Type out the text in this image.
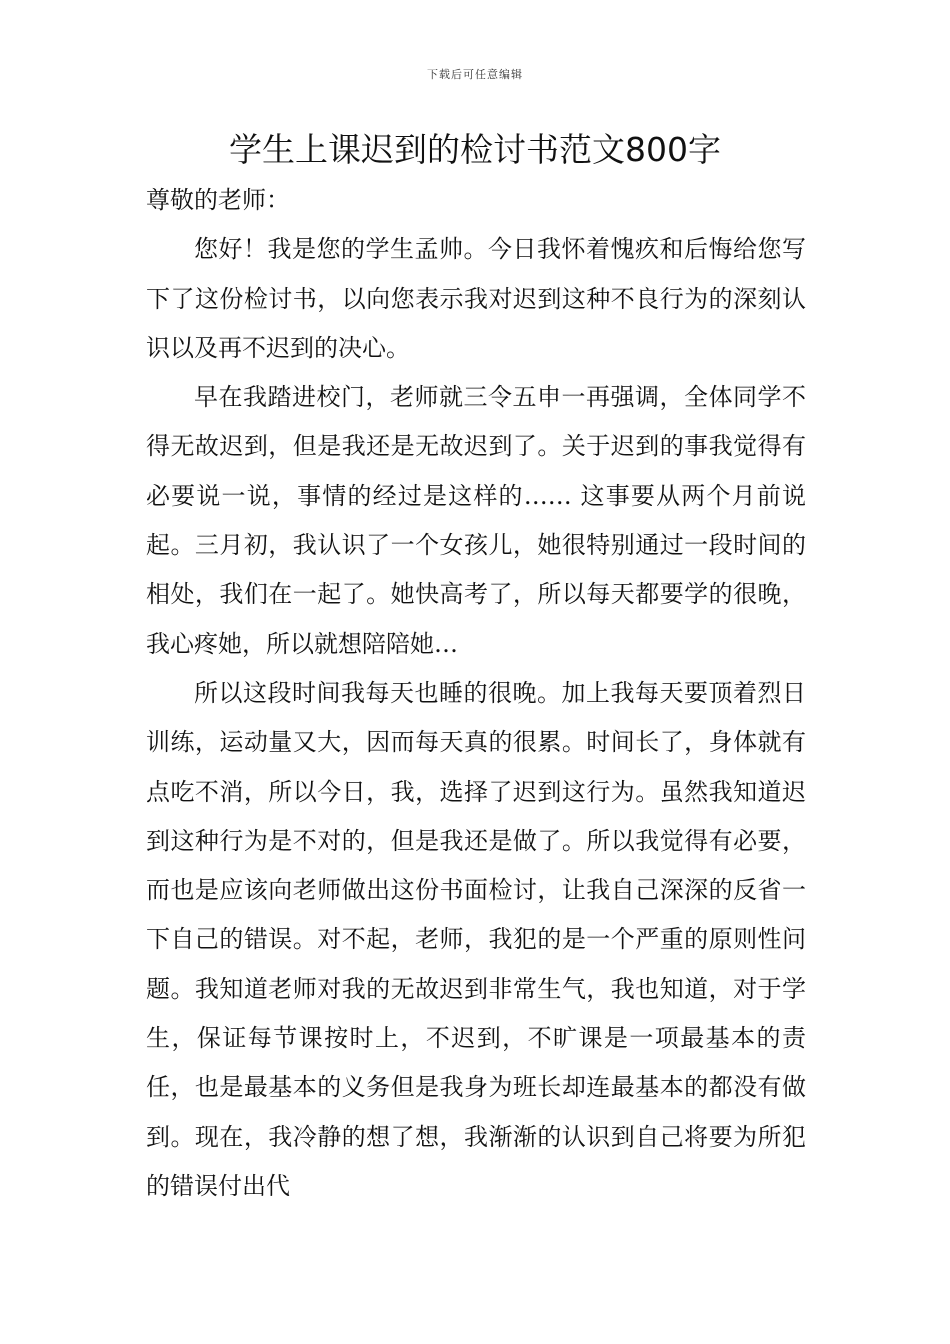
下载后可任意编辑
学生上课迟到的检讨书范文800字

尊敬的老师：

您好！我是您的学生孟帅。今日我怀着愧疚和后悔给您写下了这份检讨书，以向您表示我对迟到这种不良行为的深刻认识以及再不迟到的决心。

早在我踏进校门，老师就三令五申一再强调，全体同学不得无故迟到，但是我还是无故迟到了。关于迟到的事我觉得有必要说一说，事情的经过是这样的…… 这事要从两个月前说起。三月初，我认识了一个女孩儿，她很特别通过一段时间的相处，我们在一起了。她快高考了，所以每天都要学的很晚，我心疼她，所以就想陪陪她…

所以这段时间我每天也睡的很晚。加上我每天要顶着烈日训练，运动量又大，因而每天真的很累。时间长了，身体就有点吃不消，所以今日，我，选择了迟到这行为。虽然我知道迟到这种行为是不对的，但是我还是做了。所以我觉得有必要，而也是应该向老师做出这份书面检讨，让我自己深深的反省一下自己的错误。对不起，老师，我犯的是一个严重的原则性问题。我知道老师对我的无故迟到非常生气，我也知道，对于学生，保证每节课按时上，不迟到，不旷课是一项最基本的责任，也是最基本的义务但是我身为班长却连最基本的都没有做到。现在，我冷静的想了想，我渐渐的认识到自己将要为所犯的错误付出代
